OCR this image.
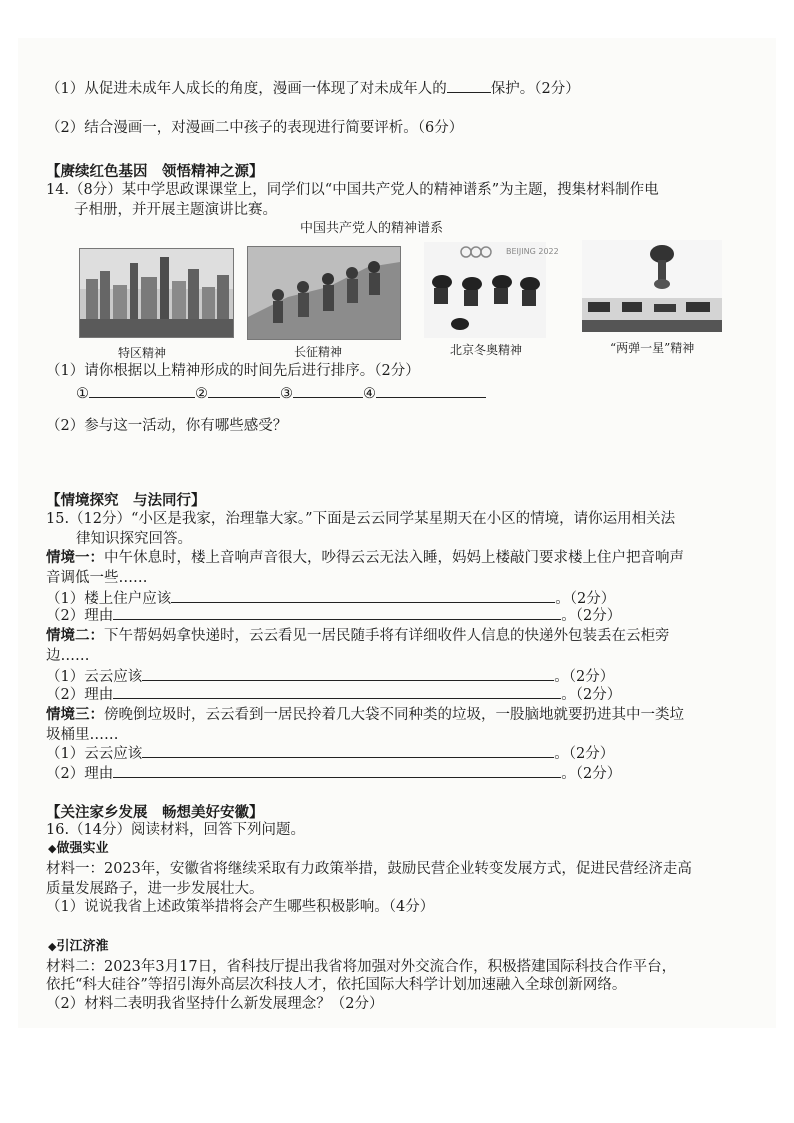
（1）从促进未成年人成长的角度，漫画一体现了对未成年人的	保护。（2分）
（2）结合漫画一，对漫画二中孩子的表现进行简要评析。（6分）
【赓续红色基因　领悟精神之源】
14.（8分）某中学思政课课堂上，同学们以“中国共产党人的精神谱系”为主题，搜集材料制作电
子相册，并开展主题演讲比赛。
中国共产党人的精神谱系
BEIJING 2022
特区精神	长征精神	北京冬奥精神	“两弹一星”精神
（1）请你根据以上精神形成的时间先后进行排序。（2分）
①	②	③	④
（2）参与这一活动，你有哪些感受？
【情境探究　与法同行】
15.（12分）“小区是我家，治理靠大家。”下面是云云同学某星期天在小区的情境，请你运用相关法
律知识探究回答。
情境一：中午休息时，楼上音响声音很大，吵得云云无法入睡，妈妈上楼敲门要求楼上住户把音响声
音调低一些……
（1）楼上住户应该	。（2分）
（2）理由	。（2分）
情境二：下午帮妈妈拿快递时，云云看见一居民随手将有详细收件人信息的快递外包装丢在云柜旁
边……
（1）云云应该	。（2分）
（2）理由	。（2分）
情境三：傍晚倒垃圾时，云云看到一居民拎着几大袋不同种类的垃圾，一股脑地就要扔进其中一类垃
圾桶里……
（1）云云应该	。（2分）
（2）理由	。（2分）
【关注家乡发展　畅想美好安徽】
16.（14分）阅读材料，回答下列问题。
◆做强实业
材料一：2023年，安徽省将继续采取有力政策举措，鼓励民营企业转变发展方式，促进民营经济走高
质量发展路子，进一步发展壮大。
（1）说说我省上述政策举措将会产生哪些积极影响。（4分）
◆引江济淮
材料二：2023年3月17日，省科技厅提出我省将加强对外交流合作，积极搭建国际科技合作平台，
依托“科大硅谷”等招引海外高层次科技人才，依托国际大科学计划加速融入全球创新网络。
（2）材料二表明我省坚持什么新发展理念？（2分）
